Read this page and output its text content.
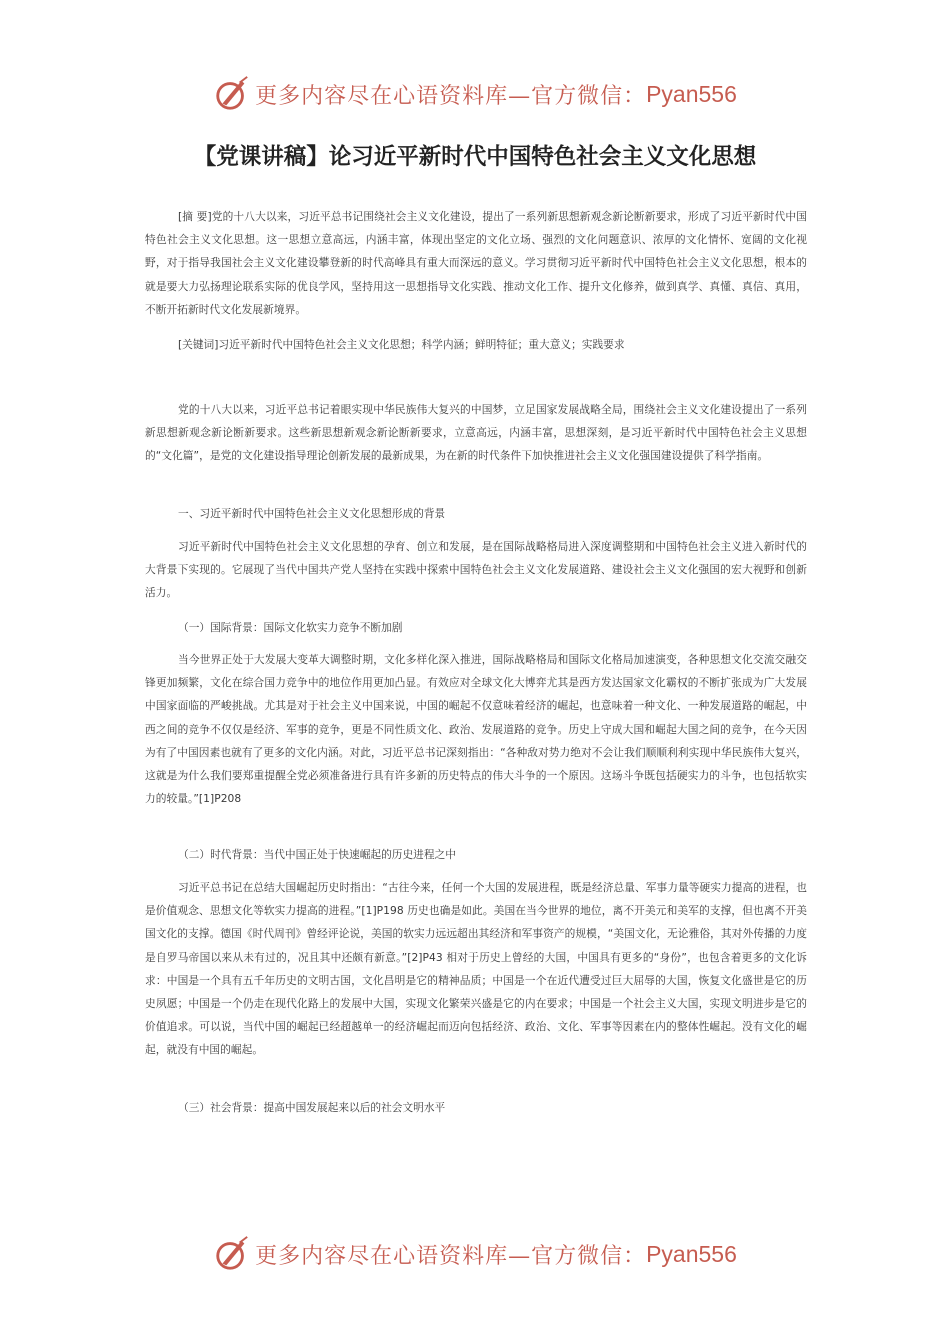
更多内容尽在心语资料库—官方微信： Pyan556
【党课讲稿】论习近平新时代中国特色社会主义文化思想

[摘 要]党的十八大以来，习近平总书记围绕社会主义文化建设，提出了一系列新思想新观念新论断新要求，形成了习近平新时代中国特色社会主义文化思想。这一思想立意高远，内涵丰富，体现出坚定的文化立场、强烈的文化问题意识、浓厚的文化情怀、宽阔的文化视野，对于指导我国社会主义文化建设攀登新的时代高峰具有重大而深远的意义。学习贯彻习近平新时代中国特色社会主义文化思想，根本的就是要大力弘扬理论联系实际的优良学风，坚持用这一思想指导文化实践、推动文化工作、提升文化修养，做到真学、真懂、真信、真用，不断开拓新时代文化发展新境界。

[关键词]习近平新时代中国特色社会主义文化思想；科学内涵；鲜明特征；重大意义；实践要求

党的十八大以来，习近平总书记着眼实现中华民族伟大复兴的中国梦，立足国家发展战略全局，围绕社会主义文化建设提出了一系列新思想新观念新论断新要求。这些新思想新观念新论断新要求，立意高远，内涵丰富，思想深刻，是习近平新时代中国特色社会主义思想的“文化篇”，是党的文化建设指导理论创新发展的最新成果，为在新的时代条件下加快推进社会主义文化强国建设提供了科学指南。

一、习近平新时代中国特色社会主义文化思想形成的背景

习近平新时代中国特色社会主义文化思想的孕育、创立和发展，是在国际战略格局进入深度调整期和中国特色社会主义进入新时代的大背景下实现的。它展现了当代中国共产党人坚持在实践中探索中国特色社会主义文化发展道路、建设社会主义文化强国的宏大视野和创新活力。

（一）国际背景：国际文化软实力竞争不断加剧

当今世界正处于大发展大变革大调整时期，文化多样化深入推进，国际战略格局和国际文化格局加速演变，各种思想文化交流交融交锋更加频繁，文化在综合国力竞争中的地位作用更加凸显。有效应对全球文化大博弈尤其是西方发达国家文化霸权的不断扩张成为广大发展中国家面临的严峻挑战。尤其是对于社会主义中国来说，中国的崛起不仅意味着经济的崛起，也意味着一种文化、一种发展道路的崛起，中西之间的竞争不仅仅是经济、军事的竞争，更是不同性质文化、政治、发展道路的竞争。历史上守成大国和崛起大国之间的竞争，在今天因为有了中国因素也就有了更多的文化内涵。对此，习近平总书记深刻指出：“各种敌对势力绝对不会让我们顺顺利利实现中华民族伟大复兴，这就是为什么我们要郑重提醒全党必须准备进行具有许多新的历史特点的伟大斗争的一个原因。这场斗争既包括硬实力的斗争，也包括软实力的较量。”[1]P208

（二）时代背景：当代中国正处于快速崛起的历史进程之中

习近平总书记在总结大国崛起历史时指出：“古往今来，任何一个大国的发展进程，既是经济总量、军事力量等硬实力提高的进程，也是价值观念、思想文化等软实力提高的进程。”[1]P198 历史也确是如此。美国在当今世界的地位，离不开美元和美军的支撑，但也离不开美国文化的支撑。德国《时代周刊》曾经评论说，美国的软实力远远超出其经济和军事资产的规模，“美国文化，无论雅俗，其对外传播的力度是自罗马帝国以来从未有过的，况且其中还颇有新意。”[2]P43 相对于历史上曾经的大国，中国具有更多的“身份”，也包含着更多的文化诉求：中国是一个具有五千年历史的文明古国，文化昌明是它的精神品质；中国是一个在近代遭受过巨大屈辱的大国，恢复文化盛世是它的历史夙愿；中国是一个仍走在现代化路上的发展中大国，实现文化繁荣兴盛是它的内在要求；中国是一个社会主义大国，实现文明进步是它的价值追求。可以说，当代中国的崛起已经超越单一的经济崛起而迈向包括经济、政治、文化、军事等因素在内的整体性崛起。没有文化的崛起，就没有中国的崛起。

（三）社会背景：提高中国发展起来以后的社会文明水平

更多内容尽在心语资料库—官方微信： Pyan556
